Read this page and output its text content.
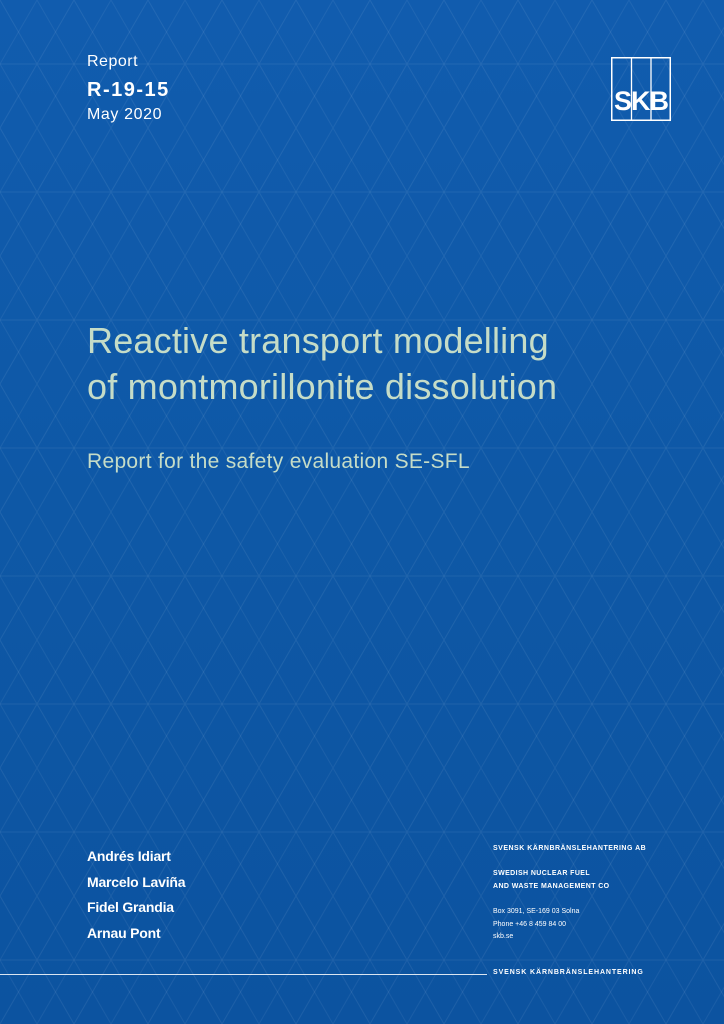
Report
R-19-15
May 2020	SKB
Reactive transport modelling
of montmorillonite dissolution
Report for the safety evaluation SE-SFL
Andrés Idiart
Marcelo Laviña
Fidel Grandia
Arnau Pont
SVENSK KÄRNBRÄNSLEHANTERING AB
SWEDISH NUCLEAR FUEL
AND WASTE MANAGEMENT CO
Box 3091, SE-169 03 Solna
Phone +46 8 459 84 00
skb.se
SVENSK KÄRNBRÄNSLEHANTERING
